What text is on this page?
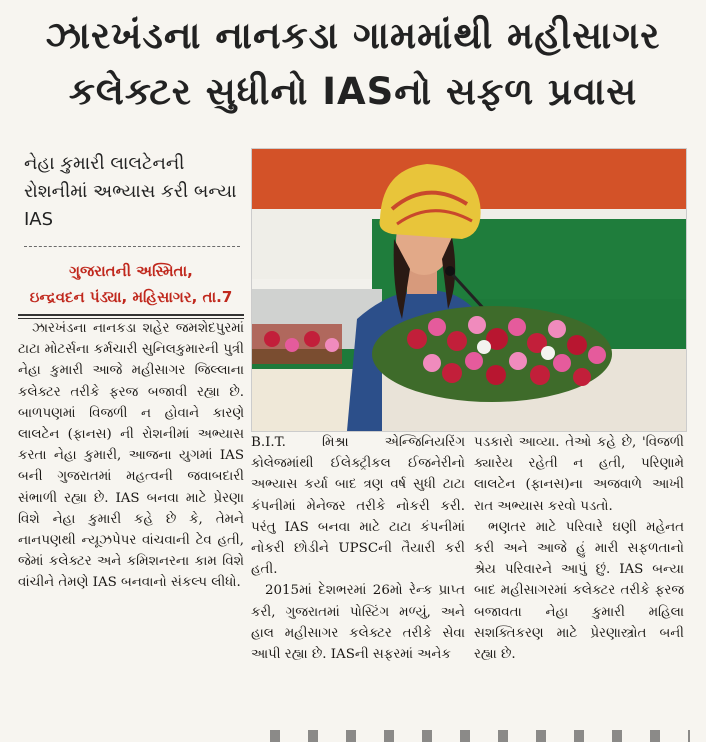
ઝારખંડના નાનકડા ગામમાંથી મહીસાગર
કલેક્ટર સુધીનો IASનો સફળ પ્રવાસ
નેહા કુમારી લાલટેનની રોશનીમાં અભ્યાસ કરી બન્યા IAS
ગુજરાતની અસ્મિતા,
ઇન્દ્રવદન પંડ્યા, મહિસાગર, તા.7

ઝારખંડના નાનકડા શહેર જમશેદપુરમાં ટાટા મોટર્સના કર્મચારી સુનિલકુમારની પુત્રી નેહા કુમારી આજે મહીસાગર જિલ્લાના કલેક્ટર તરીકે ફરજ બજાવી રહ્યા છે. બાળપણમાં વિજળી ન હોવાને કારણે લાલટેન (ફાનસ) ની રોશનીમાં અભ્યાસ કરતા નેહા કુમારી, આજના યુગમાં IAS બની ગુજરાતમાં મહત્વની જવાબદારી સંભાળી રહ્યા છે. IAS બનવા માટે પ્રેરણા વિશે નેહા કુમારી કહે છે કે, તેમને નાનપણથી ન્યૂઝપેપર વાંચવાની ટેવ હતી, જેમાં કલેક્ટર અને કમિશનરના કામ વિશે વાંચીને તેમણે IAS બનવાનો સંકલ્પ લીધો.

B.I.T. મિશ્રા એન્જિનિયરિંગ કોલેજમાંથી ઈલેક્ટ્રીકલ ઈજનેરીનો અભ્યાસ કર્યા બાદ ત્રણ વર્ષ સુધી ટાટા કંપનીમાં મેનેજર તરીકે નોકરી કરી. પરંતુ IAS બનવા માટે ટાટા કંપનીમાં નોકરી છોડીને UPSCની તૈયારી કરી હતી.

2015માં દેશભરમાં 26મો રેન્ક પ્રાપ્ત કરી, ગુજરાતમાં પોસ્ટિંગ મળ્યું, અને હાલ મહીસાગર કલેક્ટર તરીકે સેવા આપી રહ્યા છે. IASની સફરમાં અનેક

પડકારો આવ્યા. તેઓ કહે છે, 'વિજળી ક્યારેય રહેતી ન હતી, પરિણામે લાલટેન (ફાનસ)ના અજવાળે આખી રાત અભ્યાસ કરવો પડતો.

ભણતર માટે પરિવારે ઘણી મહેનત કરી અને આજે હું મારી સફળતાનો શ્રેય પરિવારને આપું છું. IAS બન્યા બાદ મહીસાગરમાં કલેક્ટર તરીકે ફરજ બજાવતા નેહા કુમારી મહિલા સશક્તિકરણ માટે પ્રેરણાસ્ત્રોત બની રહ્યા છે.
